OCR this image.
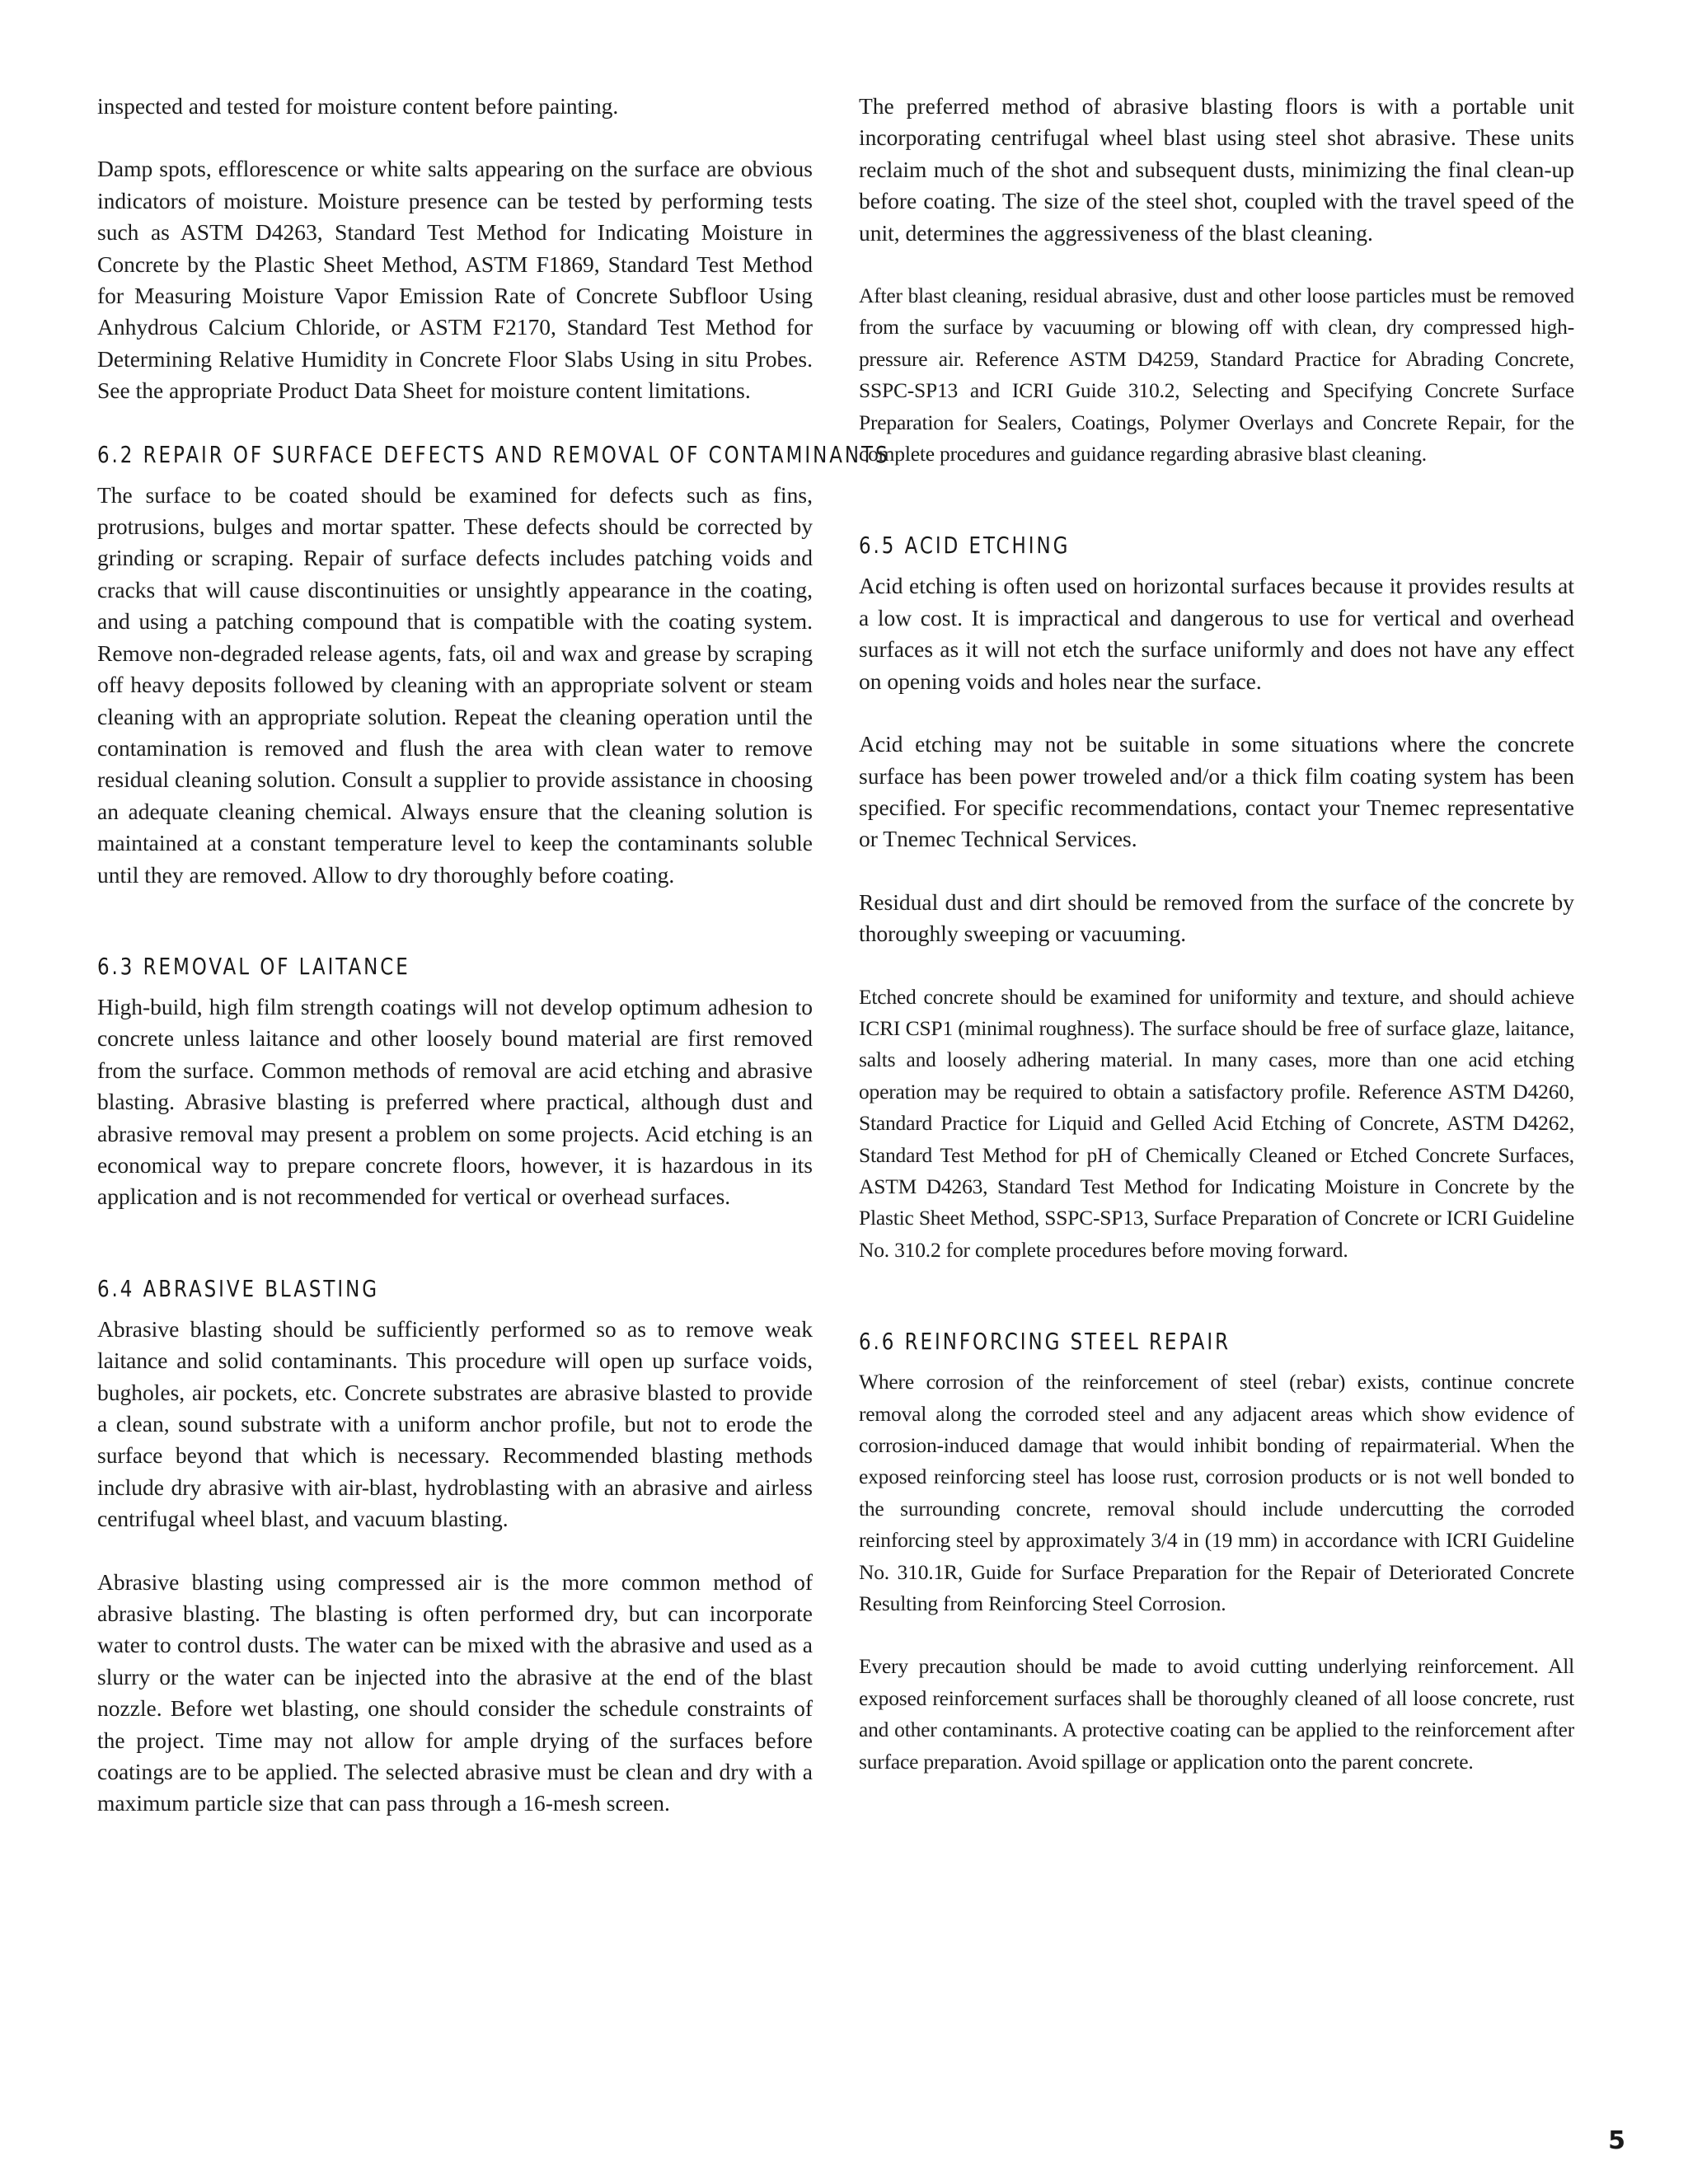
inspected and tested for moisture content before painting.

Damp spots, efflorescence or white salts appearing on the surface are obvious indicators of moisture. Moisture presence can be tested by performing tests such as ASTM D4263, Standard Test Method for Indicating Moisture in Concrete by the Plastic Sheet Method, ASTM F1869, Standard Test Method for Measuring Moisture Vapor Emission Rate of Concrete Subfloor Using Anhydrous Calcium Chloride, or ASTM F2170, Standard Test Method for Determining Relative Humidity in Concrete Floor Slabs Using in situ Probes. See the appropriate Product Data Sheet for moisture content limitations.

6.2 REPAIR OF SURFACE DEFECTS AND REMOVAL OF CONTAMINANTS

The surface to be coated should be examined for defects such as fins, protrusions, bulges and mortar spatter. These defects should be corrected by grinding or scraping. Repair of surface defects includes patching voids and cracks that will cause discontinuities or unsightly appearance in the coating, and using a patching compound that is compatible with the coating system. Remove non-degraded release agents, fats, oil and wax and grease by scraping off heavy deposits followed by cleaning with an appropriate solvent or steam cleaning with an appropriate solution. Repeat the cleaning operation until the contamination is removed and flush the area with clean water to remove residual cleaning solution. Consult a supplier to provide assistance in choosing an adequate cleaning chemical. Always ensure that the cleaning solution is maintained at a constant temperature level to keep the contaminants soluble until they are removed. Allow to dry thoroughly before coating.

6.3 REMOVAL OF LAITANCE

High-build, high film strength coatings will not develop optimum adhesion to concrete unless laitance and other loosely bound material are first removed from the surface. Common methods of removal are acid etching and abrasive blasting. Abrasive blasting is preferred where practical, although dust and abrasive removal may present a problem on some projects. Acid etching is an economical way to prepare concrete floors, however, it is hazardous in its application and is not recommended for vertical or overhead surfaces.

6.4 ABRASIVE BLASTING

Abrasive blasting should be sufficiently performed so as to remove weak laitance and solid contaminants. This procedure will open up surface voids, bugholes, air pockets, etc. Concrete substrates are abrasive blasted to provide a clean, sound substrate with a uniform anchor profile, but not to erode the surface beyond that which is necessary. Recommended blasting methods include dry abrasive with air-blast, hydroblasting with an abrasive and airless centrifugal wheel blast, and vacuum blasting.

Abrasive blasting using compressed air is the more common method of abrasive blasting. The blasting is often performed dry, but can incorporate water to control dusts. The water can be mixed with the abrasive and used as a slurry or the water can be injected into the abrasive at the end of the blast nozzle. Before wet blasting, one should consider the schedule constraints of the project. Time may not allow for ample drying of the surfaces before coatings are to be applied. The selected abrasive must be clean and dry with a maximum particle size that can pass through a 16-mesh screen.

The preferred method of abrasive blasting floors is with a portable unit incorporating centrifugal wheel blast using steel shot abrasive. These units reclaim much of the shot and subsequent dusts, minimizing the final clean-up before coating. The size of the steel shot, coupled with the travel speed of the unit, determines the aggressiveness of the blast cleaning.

After blast cleaning, residual abrasive, dust and other loose particles must be removed from the surface by vacuuming or blowing off with clean, dry compressed high-pressure air. Reference ASTM D4259, Standard Practice for Abrading Concrete, SSPC-SP13 and ICRI Guide 310.2, Selecting and Specifying Concrete Surface Preparation for Sealers, Coatings, Polymer Overlays and Concrete Repair, for the complete procedures and guidance regarding abrasive blast cleaning.

6.5 ACID ETCHING

Acid etching is often used on horizontal surfaces because it provides results at a low cost. It is impractical and dangerous to use for vertical and overhead surfaces as it will not etch the surface uniformly and does not have any effect on opening voids and holes near the surface.

Acid etching may not be suitable in some situations where the concrete surface has been power troweled and/or a thick film coating system has been specified. For specific recommendations, contact your Tnemec representative or Tnemec Technical Services.

Residual dust and dirt should be removed from the surface of the concrete by thoroughly sweeping or vacuuming.

Etched concrete should be examined for uniformity and texture, and should achieve ICRI CSP1 (minimal roughness). The surface should be free of surface glaze, laitance, salts and loosely adhering material. In many cases, more than one acid etching operation may be required to obtain a satisfactory profile. Reference ASTM D4260, Standard Practice for Liquid and Gelled Acid Etching of Concrete, ASTM D4262, Standard Test Method for pH of Chemically Cleaned or Etched Concrete Surfaces, ASTM D4263, Standard Test Method for Indicating Moisture in Concrete by the Plastic Sheet Method, SSPC-SP13, Surface Preparation of Concrete or ICRI Guideline No. 310.2 for complete procedures before moving forward.

6.6 REINFORCING STEEL REPAIR

Where corrosion of the reinforcement of steel (rebar) exists, continue concrete removal along the corroded steel and any adjacent areas which show evidence of corrosion-induced damage that would inhibit bonding of repairmaterial. When the exposed reinforcing steel has loose rust, corrosion products or is not well bonded to the surrounding concrete, removal should include undercutting the corroded reinforcing steel by approximately 3/4 in (19 mm) in accordance with ICRI Guideline No. 310.1R, Guide for Surface Preparation for the Repair of Deteriorated Concrete Resulting from Reinforcing Steel Corrosion.

Every precaution should be made to avoid cutting underlying reinforcement. All exposed reinforcement surfaces shall be thoroughly cleaned of all loose concrete, rust and other contaminants. A protective coating can be applied to the reinforcement after surface preparation. Avoid spillage or application onto the parent concrete.

5
